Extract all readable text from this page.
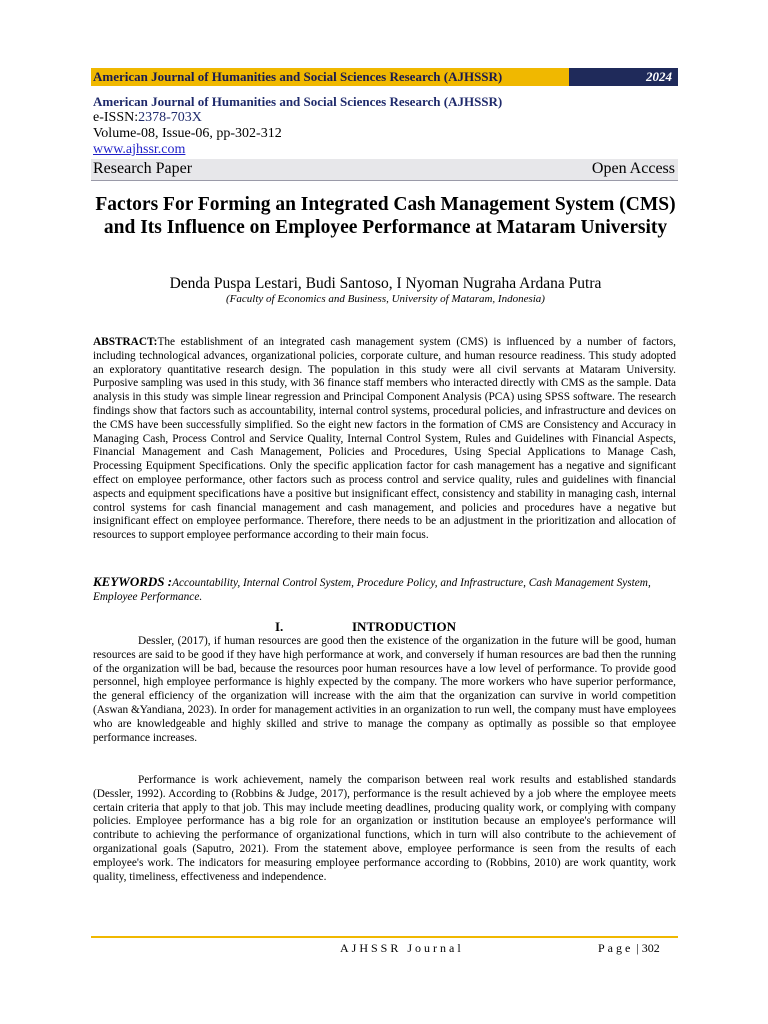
American Journal of Humanities and Social Sciences Research (AJHSSR)	2024
American Journal of Humanities and Social Sciences Research (AJHSSR)
e-ISSN:2378-703X
Volume-08, Issue-06, pp-302-312
www.ajhssr.com
Research Paper	Open Access
Factors For Forming an Integrated Cash Management System (CMS) and Its Influence on Employee Performance at Mataram University
Denda Puspa Lestari, Budi Santoso, I Nyoman Nugraha Ardana Putra
(Faculty of Economics and Business, University of Mataram, Indonesia)
ABSTRACT:The establishment of an integrated cash management system (CMS) is influenced by a number of factors, including technological advances, organizational policies, corporate culture, and human resource readiness. This study adopted an exploratory quantitative research design. The population in this study were all civil servants at Mataram University. Purposive sampling was used in this study, with 36 finance staff members who interacted directly with CMS as the sample. Data analysis in this study was simple linear regression and Principal Component Analysis (PCA) using SPSS software. The research findings show that factors such as accountability, internal control systems, procedural policies, and infrastructure and devices on the CMS have been successfully simplified. So the eight new factors in the formation of CMS are Consistency and Accuracy in Managing Cash, Process Control and Service Quality, Internal Control System, Rules and Guidelines with Financial Aspects, Financial Management and Cash Management, Policies and Procedures, Using Special Applications to Manage Cash, Processing Equipment Specifications. Only the specific application factor for cash management has a negative and significant effect on employee performance, other factors such as process control and service quality, rules and guidelines with financial aspects and equipment specifications have a positive but insignificant effect, consistency and stability in managing cash, internal control systems for cash financial management and cash management, and policies and procedures have a negative but insignificant effect on employee performance. Therefore, there needs to be an adjustment in the prioritization and allocation of resources to support employee performance according to their main focus.
KEYWORDS :Accountability, Internal Control System, Procedure Policy, and Infrastructure, Cash Management System, Employee Performance.
I.	INTRODUCTION
Dessler, (2017), if human resources are good then the existence of the organization in the future will be good, human resources are said to be good if they have high performance at work, and conversely if human resources are bad then the running of the organization will be bad, because the resources poor human resources have a low level of performance. To provide good personnel, high employee performance is highly expected by the company. The more workers who have superior performance, the general efficiency of the organization will increase with the aim that the organization can survive in world competition (Aswan &Yandiana, 2023). In order for management activities in an organization to run well, the company must have employees who are knowledgeable and highly skilled and strive to manage the company as optimally as possible so that employee performance increases.
Performance is work achievement, namely the comparison between real work results and established standards (Dessler, 1992). According to (Robbins & Judge, 2017), performance is the result achieved by a job where the employee meets certain criteria that apply to that job. This may include meeting deadlines, producing quality work, or complying with company policies. Employee performance has a big role for an organization or institution because an employee's performance will contribute to achieving the performance of organizational functions, which in turn will also contribute to the achievement of organizational goals (Saputro, 2021). From the statement above, employee performance is seen from the results of each employee's work. The indicators for measuring employee performance according to (Robbins, 2010) are work quantity, work quality, timeliness, effectiveness and independence.
AJHSSR Journal	Page | 302
